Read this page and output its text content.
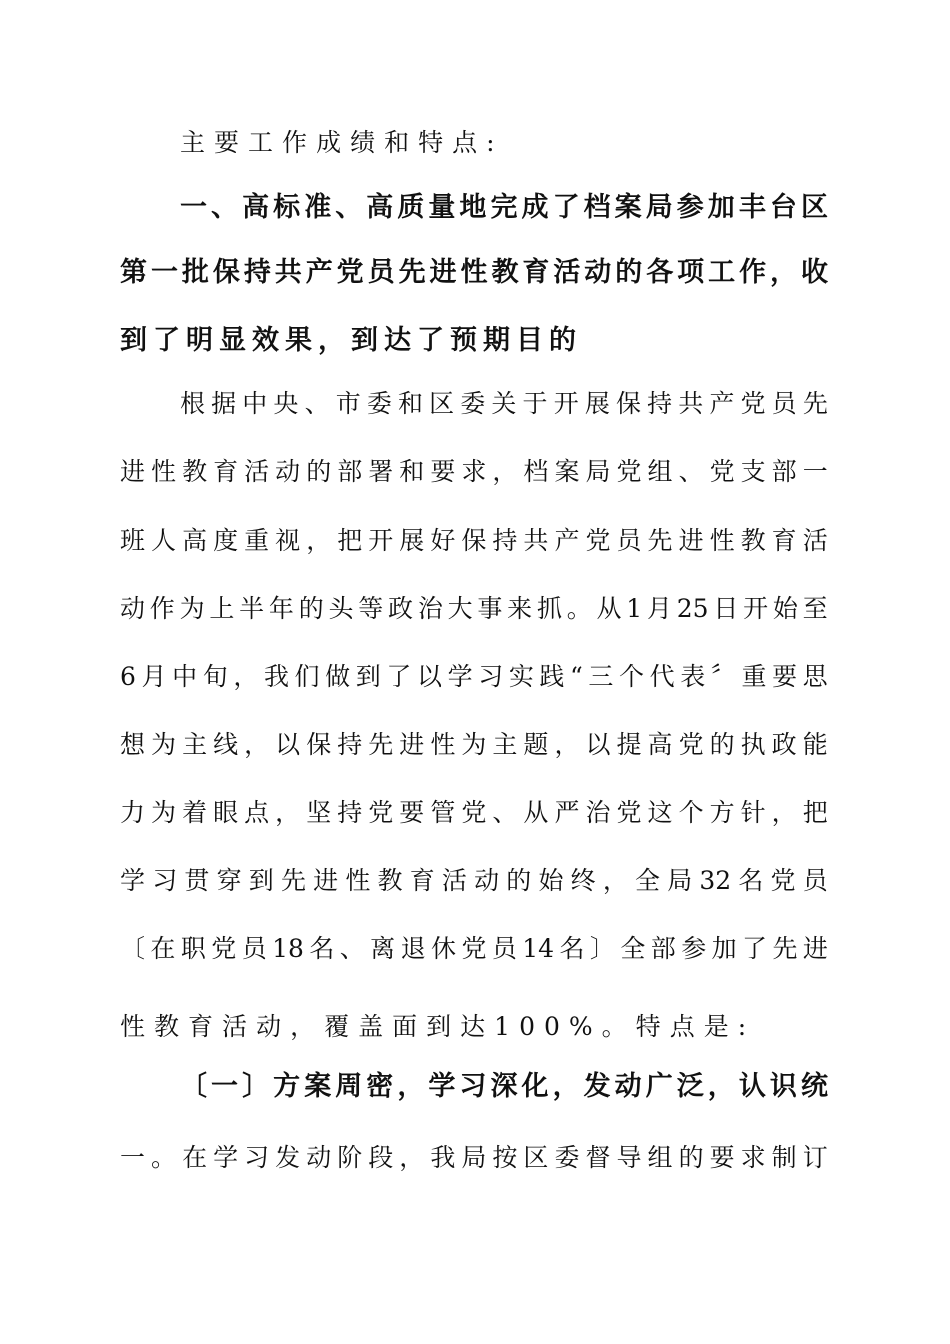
主 要 工 作 成 绩 和 特 点 :
一 、 高 标 准 、 高 质 量 地 完 成 了 档 案 局 参 加 丰 台 区
第 一 批 保 持 共 产 党 员 先 进 性 教 育 活 动 的 各 项 工 作 ， 收
到 了 明 显 效 果 ， 到 达 了 预 期 目 的
根 据 中 央 、 市 委 和 区 委 关 于 开 展 保 持 共 产 党 员 先
进 性 教 育 活 动 的 部 署 和 要 求 ， 档 案 局 党 组 、 党 支 部 一
班 人 高 度 重 视 ， 把 开 展 好 保 持 共 产 党 员 先 进 性 教 育 活
动 作 为 上 半 年 的 头 等 政 治 大 事 来 抓 。 从 1 月 25 日 开 始 至
6 月 中 旬 ， 我 们 做 到 了 以 学 习 实 践 “ 三 个 代 表 〞 重 要 思
想 为 主 线 ， 以 保 持 先 进 性 为 主 题 ， 以 提 高 党 的 执 政 能
力 为 着 眼 点 ， 坚 持 党 要 管 党 、 从 严 治 党 这 个 方 针 ， 把
学 习 贯 穿 到 先 进 性 教 育 活 动 的 始 终 ， 全 局 32 名 党 员
〔 在 职 党 员 18 名 、 离 退 休 党 员 14 名 〕 全 部 参 加 了 先 进
性 教 育 活 动 ， 覆 盖 面 到 达 100% 。 特 点 是 :
〔 一 〕 方 案 周 密 ， 学 习 深 化 ， 发 动 广 泛 ， 认 识 统
一 。 在 学 习 发 动 阶 段 ， 我 局 按 区 委 督 导 组 的 要 求 制 订
